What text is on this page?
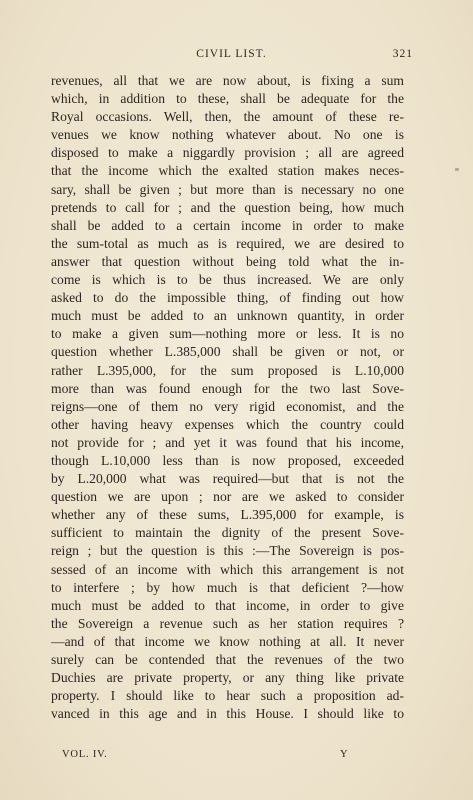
CIVIL LIST.	321
revenues, all that we are now about, is fixing a sum
which, in addition to these, shall be adequate for the
Royal occasions. Well, then, the amount of these re-
venues we know nothing whatever about. No one is
disposed to make a niggardly provision ; all are agreed
that the income which the exalted station makes neces-
sary, shall be given ; but more than is necessary no one
pretends to call for ; and the question being, how much
shall be added to a certain income in order to make
the sum-total as much as is required, we are desired to
answer that question without being told what the in-
come is which is to be thus increased. We are only
asked to do the impossible thing, of finding out how
much must be added to an unknown quantity, in order
to make a given sum—nothing more or less. It is no
question whether L.385,000 shall be given or not, or
rather L.395,000, for the sum proposed is L.10,000
more than was found enough for the two last Sove-
reigns—one of them no very rigid economist, and the
other having heavy expenses which the country could
not provide for ; and yet it was found that his income,
though L.10,000 less than is now proposed, exceeded
by L.20,000 what was required—but that is not the
question we are upon ; nor are we asked to consider
whether any of these sums, L.395,000 for example, is
sufficient to maintain the dignity of the present Sove-
reign ; but the question is this :—The Sovereign is pos-
sessed of an income with which this arrangement is not
to interfere ; by how much is that deficient ?—how
much must be added to that income, in order to give
the Sovereign a revenue such as her station requires ?
—and of that income we know nothing at all. It never
surely can be contended that the revenues of the two
Duchies are private property, or any thing like private
property. I should like to hear such a proposition ad-
vanced in this age and in this House. I should like to
VOL. IV.	Y
